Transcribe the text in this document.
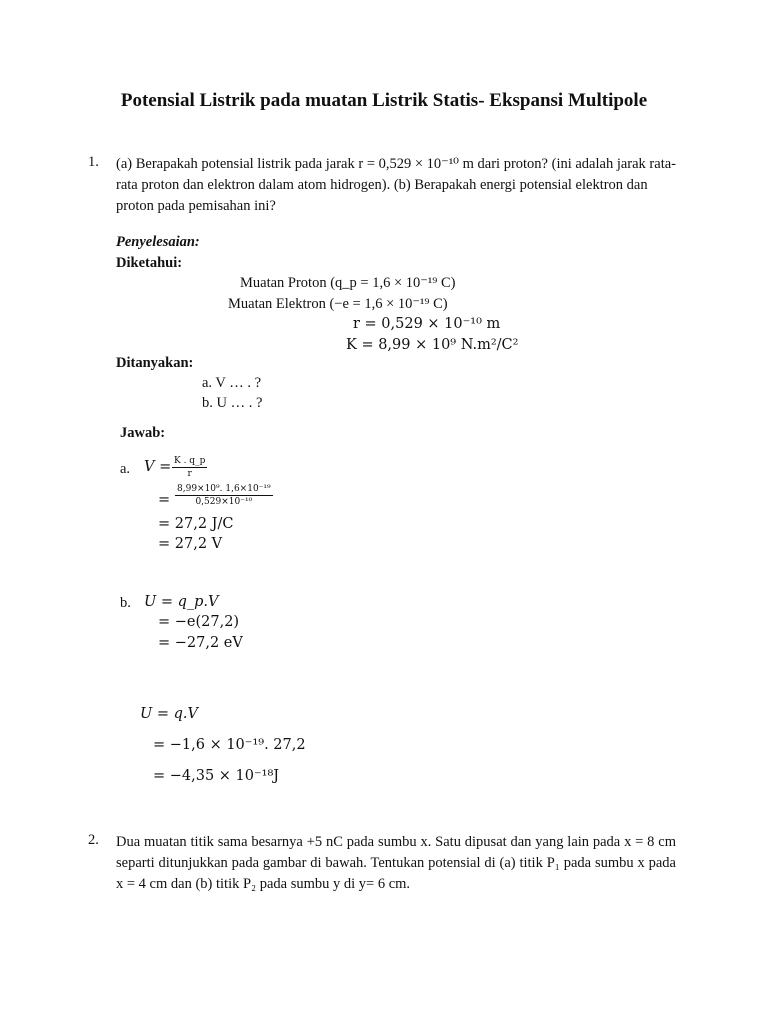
Potensial Listrik pada muatan Listrik Statis- Ekspansi Multipole
1. (a) Berapakah potensial listrik pada jarak r = 0,529 × 10⁻¹⁰ m dari proton? (ini adalah jarak rata-rata proton dan elektron dalam atom hidrogen). (b) Berapakah energi potensial elektron dan proton pada pemisahan ini?
Penyelesaian:
Diketahui:
Muatan Proton (q_p = 1,6 × 10⁻¹⁹ C)
Muatan Elektron (−e = 1,6 × 10⁻¹⁹ C)
r = 0,529 × 10⁻¹⁰ m
K = 8,99 × 10⁹ N.m²/C²
Ditanyakan:
a. V … . ?
b. U … . ?
Jawab:
a. $V = \frac{K . q\_p}{r}$
= $\frac{\text{8,99×10⁹. 1,6×10⁻¹⁹}}{\text{0,529×10⁻¹⁰}}$
= 27,2 J/C
= 27,2 V
b. U = q_p.V
= −e(27,2)
= −27,2 eV
U = q.V
= −1,6 × 10⁻¹⁹. 27,2
= −4,35 × 10⁻¹⁸J
2. Dua muatan titik sama besarnya +5 nC pada sumbu x. Satu dipusat dan yang lain pada x = 8 cm separti ditunjukkan pada gambar di bawah. Tentukan potensial di (a) titik P₁ pada sumbu x pada x = 4 cm dan (b) titik P₂ pada sumbu y di y= 6 cm.
